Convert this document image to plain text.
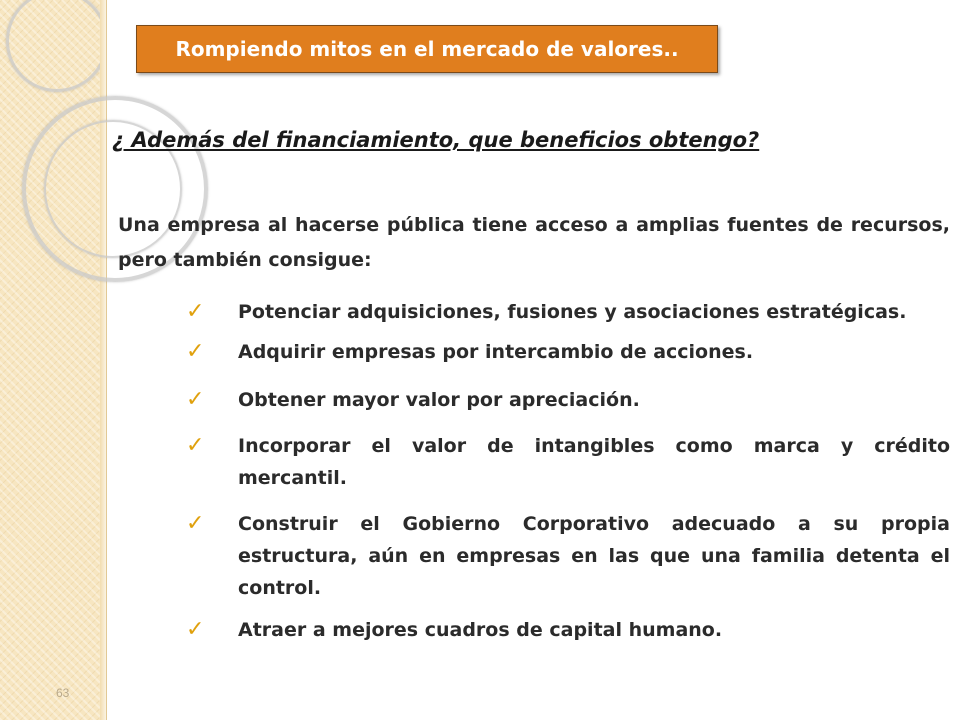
63
Rompiendo mitos en el mercado de valores..
¿ Además del financiamiento, que beneficios obtengo?
Una empresa al hacerse pública tiene acceso a amplias fuentes de recursos, pero también consigue:
✓ Potenciar adquisiciones, fusiones y asociaciones estratégicas.
✓ Adquirir empresas por intercambio de acciones.
✓ Obtener mayor valor por apreciación.
✓ Incorporar el valor de intangibles como marca y crédito mercantil.
✓ Construir el Gobierno Corporativo adecuado a su propia estructura, aún en empresas en las que una familia detenta el control.
✓ Atraer a mejores cuadros de capital humano.
